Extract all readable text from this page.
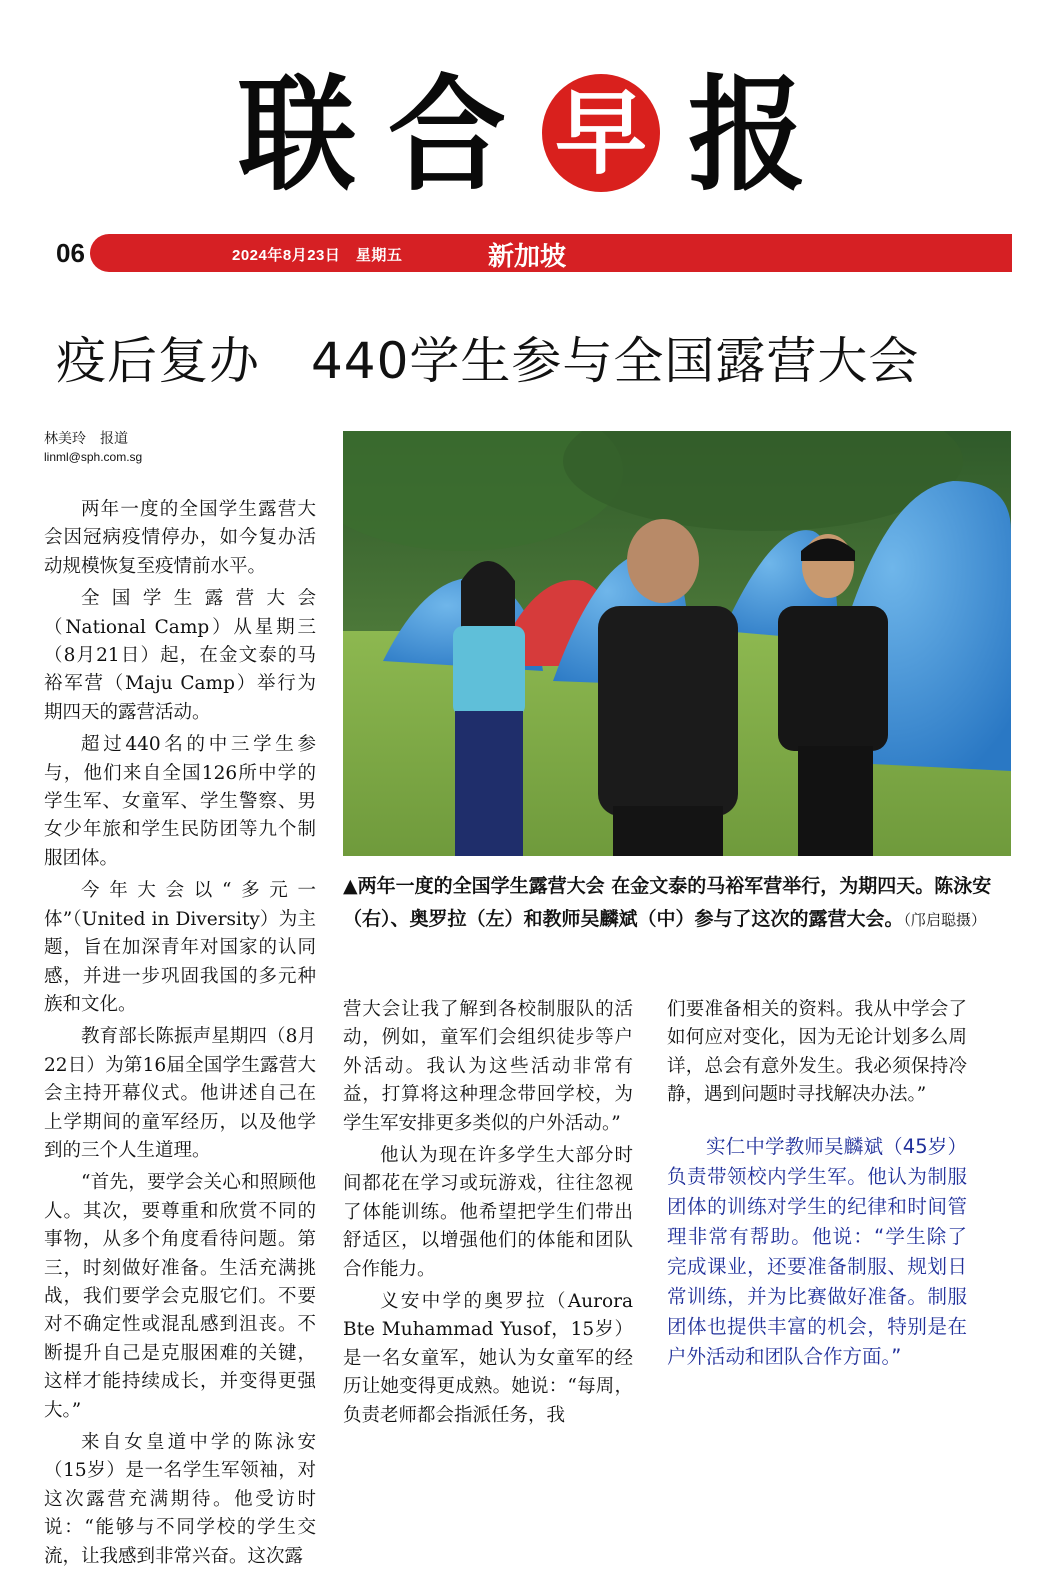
联 合 早 报
06	2024年8月23日　星期五	新加坡
疫后复办　440学生参与全国露营大会
林美玲　报道
linml@sph.com.sg

▲两年一度的全国学生露营大会 在金文泰的马裕军营举行，为期四天。陈泳安（右）、奥罗拉（左）和教师吴麟斌（中）参与了这次的露营大会。（邝启聪摄）

两年一度的全国学生露营大会因冠病疫情停办，如今复办活动规模恢复至疫情前水平。

全国学生露营大会（National Camp）从星期三（8月21日）起，在金文泰的马裕军营（Maju Camp）举行为期四天的露营活动。

超过440名的中三学生参与，他们来自全国126所中学的学生军、女童军、学生警察、男女少年旅和学生民防团等九个制服团体。

今年大会以“多元一体”（United in Diversity）为主题，旨在加深青年对国家的认同感，并进一步巩固我国的多元种族和文化。

教育部长陈振声星期四（8月22日）为第16届全国学生露营大会主持开幕仪式。他讲述自己在上学期间的童军经历，以及他学到的三个人生道理。

“首先，要学会关心和照顾他人。其次，要尊重和欣赏不同的事物，从多个角度看待问题。第三，时刻做好准备。生活充满挑战，我们要学会克服它们。不要对不确定性或混乱感到沮丧。不断提升自己是克服困难的关键，这样才能持续成长，并变得更强大。”

来自女皇道中学的陈泳安（15岁）是一名学生军领袖，对这次露营充满期待。他受访时说：“能够与不同学校的学生交流，让我感到非常兴奋。这次露

营大会让我了解到各校制服队的活动，例如，童军们会组织徒步等户外活动。我认为这些活动非常有益，打算将这种理念带回学校，为学生军安排更多类似的户外活动。”

他认为现在许多学生大部分时间都花在学习或玩游戏，往往忽视了体能训练。他希望把学生们带出舒适区，以增强他们的体能和团队合作能力。

义安中学的奥罗拉（Aurora Bte Muhammad Yusof，15岁）是一名女童军，她认为女童军的经历让她变得更成熟。她说：“每周，负责老师都会指派任务，我

们要准备相关的资料。我从中学会了如何应对变化，因为无论计划多么周详，总会有意外发生。我必须保持冷静，遇到问题时寻找解决办法。”

实仁中学教师吴麟斌（45岁）负责带领校内学生军。他认为制服团体的训练对学生的纪律和时间管理非常有帮助。他说：“学生除了完成课业，还要准备制服、规划日常训练，并为比赛做好准备。制服团体也提供丰富的机会，特别是在户外活动和团队合作方面。”
